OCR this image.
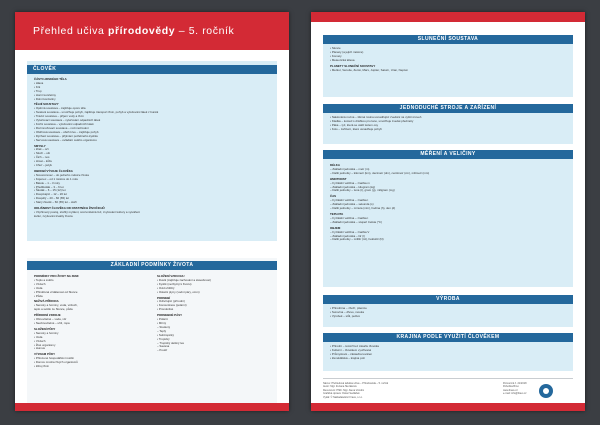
Přehled učiva přírodovědy – 5. ročník
ČLOVĚK
ČÁSTI LIDSKÉHO TĚLA
• Hlava
• Krk
• Trup
• Horní končetiny
• Dolní končetiny
TĚLNÍ SOUSTAVY
• Opěrná soustava – zajišťuje oporu těla
• Svalová soustava – umožňuje pohyb, zajišťuje transport živin, pohyb a vylučování látek z buněk
• Trávicí soustava – příjem vody a živin
• Vylučovací soustava – vylučování odpadních látek
• Kožní soustava – vylučování odpadních látek
• Rozmnožovací soustava – rozmnožování
• Oběhová soustava – oběh krve – zajišťuje pohyb
• Dýchací soustava – přijímání potřebného kyslíku
• Nervová soustava – ovládání celého organismu
SMYSLY
• Zrak – oči
• Sluch – uši
• Čich – nos
• Hmat – kůže
• Chuť – jazyk
OBDOBÍ VÝVOJE ČLOVĚKA
• Novorozenec – do jednoho měsíce života
• Kojenec – od 1 měsíce do 1 roku
• Batole – 1 – 3 roky
• Předškolák – 3 – 6 let
• Školák – 6 – 15 (12) let
• Dospívající – 12 – 20 let
• Dospělý – 20 – 60 (65) let
• Starý člověk – 60 (65) let – stáří
ODLIŠNOST ČLOVĚKA OD OSTATNÍCH ŽIVOČICHŮ
• Vzpřímený postoj, složitý myšlení, srozumitelná řeč, zvyšování kultury a vytváření
kultur, zvyšování kvality života
ZÁKLADNÍ PODMÍNKY ŽIVOTA
PODMÍNKY PRO ŽIVOT NA ZEMI
• Teplo a světlo
• Vzduch
• Voda
• Přiměřená vzdálenost od Slunce
• Půda
NEŽIVÁ PŘÍRODA
• Nerosty a horniny, voda, vzduch,
teplo a světlo ze Slunce, půda
PŘÍRODNÍ ZDROJE
• Obnovitelné – voda, vítr
• Neobnovitelné – uhlí, ropa
SLOŽENÍ PŮDY
• Nerosty a horniny
• Voda
• Vzduch
• Živé organismy
• Humus
VÝZNAM PŮDY
• Přirozené hospodářství rostlin
• Domov mnoha živých organismů
• Zdroj živin
SLOŽENÍ VZDUCHU
• Dusík (zajišťuje zachování a stavebnost)
• Kyslík (nezbytný k životu)
• Oxid uhličitý
• Ostatní plyny (vodní páry, ozon)
PODNEBÍ
• Ovlivňující (přírodní)
• Koncentrace (polarní)
• Proměnlivé
PODNEBNÉ PÁSY
• Polární
• Mírný
– Studený
– Teplý
• Subtropický
• Tropický
– Tropický deštný les
– Savana
– Poušť
SLUNEČNÍ SOUSTAVA
• Slunce
• Planety (a jejich měsíce)
• Komety
• Meteorická tělesa
PLANETY SLUNEČNÍ SOUSTAVY
• Merkur, Venuše, Země, Mars, Jupiter, Saturn, Uran, Neptun
JEDNODUCHÉ STROJE A ZAŘÍZENÍ
• Nakloněná rovina – šikmá rovina usnadňující zvedání na vyšší úroveň
• Kladka – kotouč s drážkou pro lano, umožňuje zvedat předměty
• Páka – tyč, která se otáčí kolem osy
• Kolo – zařízení, které usnadňuje pohyb
MĚŘENÍ A VELIČINY
DÉLKA
– Základní jednotka – metr (m)
– Další jednotky – kilometr (km), decimetr (dm), centimetr (cm), milimetr (mm)
HMOTNOST
– Fyzikální veličina – značka m
– Základní jednotka – kilogram (kg)
– Další jednotky – tuna (t), gram (g), miligram (mg)
ČAS
– Fyzikální veličina – značka t
– Základní jednotka – sekunda (s)
– Další jednotky – minuta (min), hodina (h), den (d)
TEPLOTA
– Fyzikální veličina – značka t
– Základní jednotka – stupeň Celsia (°C)
OBJEM
– Fyzikální veličina – značka V
– Základní jednotka – litr (l)
– Další jednotky – mililitr (ml), hektolitr (hl)
VÝROBA
• Přírodnina – zboží, pšenice
• Surovina – dřevo, mouka
• Výrobek – stůl, pečivo
KRAJINA PODLE VYUŽITÍ ČLOVĚKEM
• Přírodní – téměř bez zásahu člověka
• Kulturní – člověkem využívaná
• Průmyslová – zástavba továren
• Zemědělská – krajina polí
Název: Přehledová tabulka učiva – Přírodověda – 5. ročník
Autor: Mgr. Zuzana Slezáková
Recenzent: PhDr. Mgr. Alena Vondrá
Grafická úprava: Oskar Sedláček
Vydal: © Nakladatelství Fraus, s.r.o.
Pomocník č. 21/2018
Pobočka Brno
www.fraus.cz
e-mail: info@fraus.cz
